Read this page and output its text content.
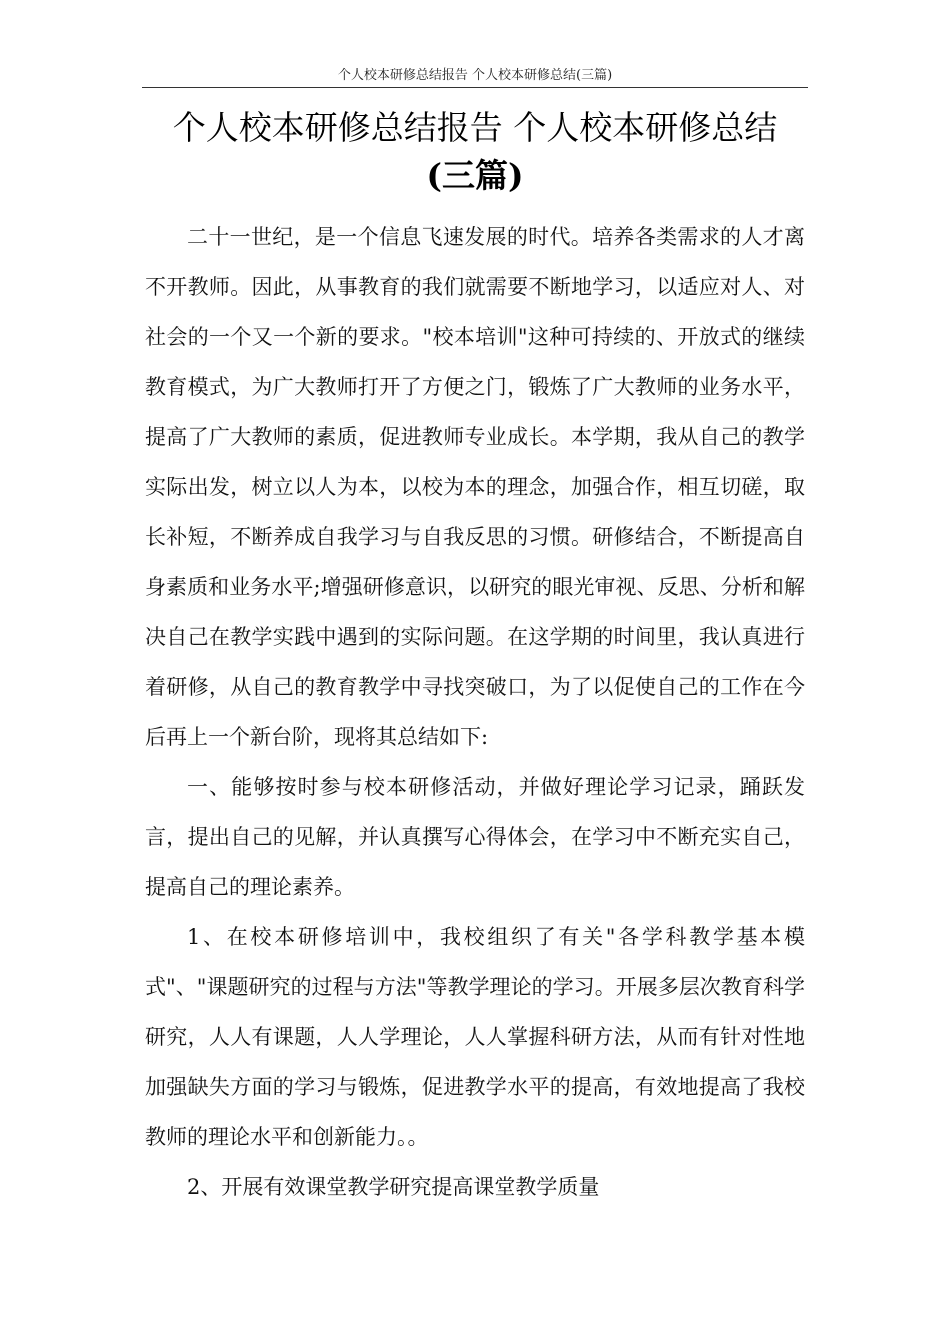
个人校本研修总结报告 个人校本研修总结(三篇)
个人校本研修总结报告 个人校本研修总结
(三篇)

二十一世纪，是一个信息飞速发展的时代。培养各类需求的人才离不开教师。因此，从事教育的我们就需要不断地学习，以适应对人、对社会的一个又一个新的要求。"校本培训"这种可持续的、开放式的继续教育模式，为广大教师打开了方便之门，锻炼了广大教师的业务水平，提高了广大教师的素质，促进教师专业成长。本学期，我从自己的教学实际出发，树立以人为本，以校为本的理念，加强合作，相互切磋，取长补短，不断养成自我学习与自我反思的习惯。研修结合，不断提高自身素质和业务水平;增强研修意识，以研究的眼光审视、反思、分析和解决自己在教学实践中遇到的实际问题。在这学期的时间里，我认真进行着研修，从自己的教育教学中寻找突破口，为了以促使自己的工作在今后再上一个新台阶，现将其总结如下:

一、能够按时参与校本研修活动，并做好理论学习记录，踊跃发言，提出自己的见解，并认真撰写心得体会，在学习中不断充实自己，提高自己的理论素养。

1、在校本研修培训中，我校组织了有关"各学科教学基本模式"、"课题研究的过程与方法"等教学理论的学习。开展多层次教育科学研究，人人有课题，人人学理论，人人掌握科研方法，从而有针对性地加强缺失方面的学习与锻炼，促进教学水平的提高，有效地提高了我校教师的理论水平和创新能力。。

2、开展有效课堂教学研究提高课堂教学质量
